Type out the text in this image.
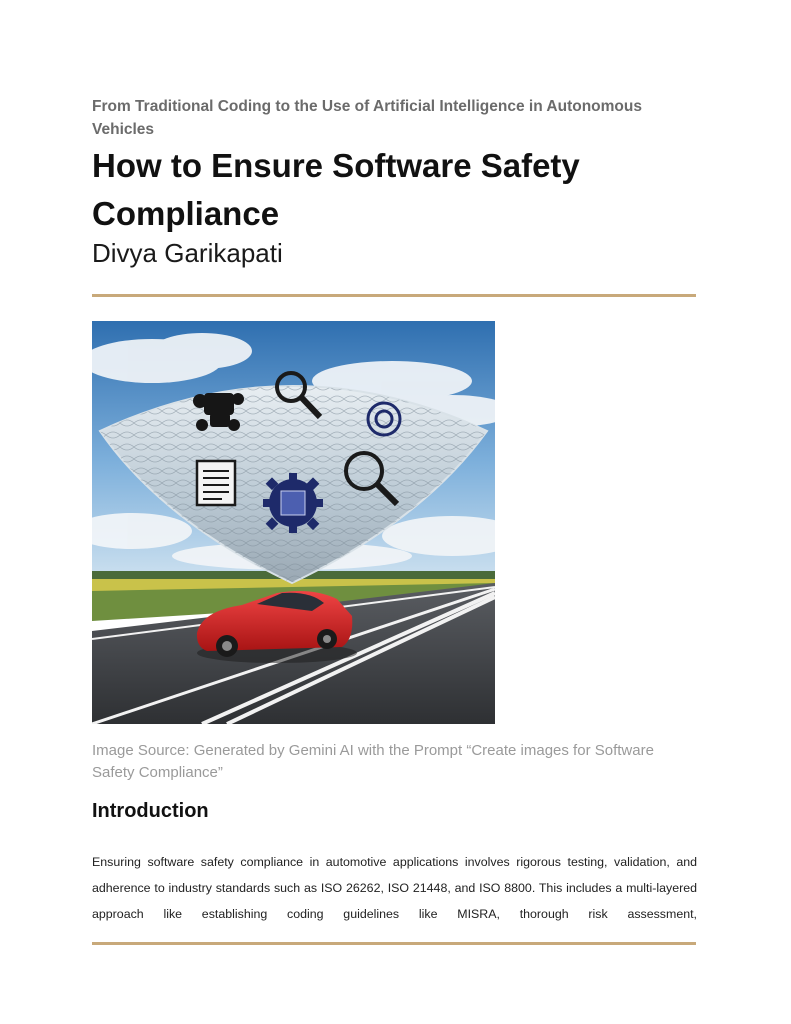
From Traditional Coding to the Use of Artificial Intelligence in Autonomous Vehicles
How to Ensure Software Safety Compliance
Divya Garikapati
Image Source: Generated by Gemini AI with the Prompt “Create images for Software Safety Compliance”
Introduction
Ensuring software safety compliance in automotive applications involves rigorous testing, validation, and adherence to industry standards such as ISO 26262, ISO 21448, and ISO 8800. This includes a multi-layered approach like establishing coding guidelines like MISRA, thorough risk assessment,
